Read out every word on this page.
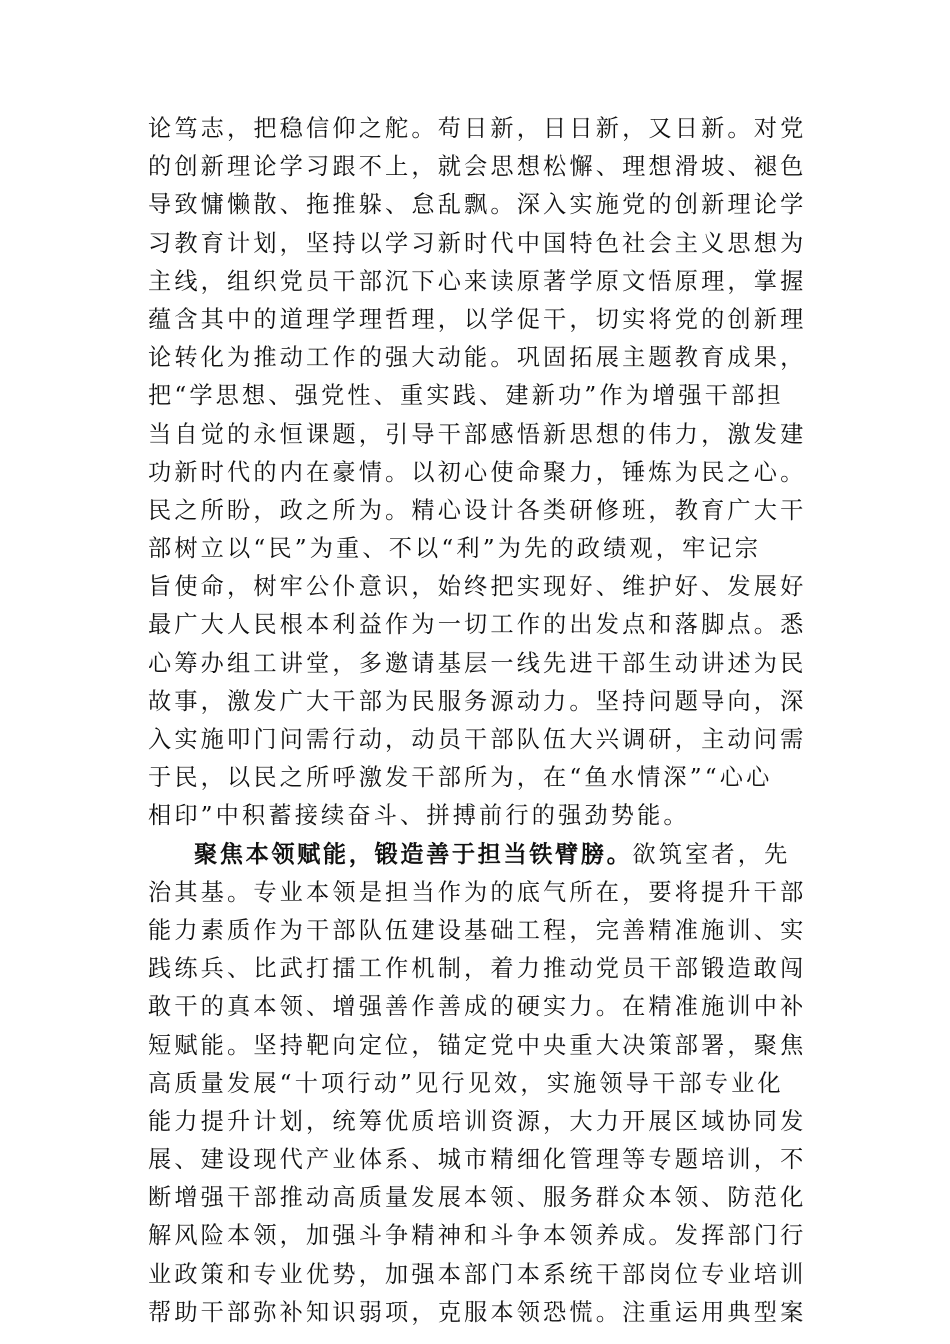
论笃志，把稳信仰之舵。苟日新，日日新，又日新。对党
的创新理论学习跟不上，就会思想松懈、理想滑坡、褪色
导致慵懒散、拖推躲、怠乱飘。深入实施党的创新理论学
习教育计划，坚持以学习新时代中国特色社会主义思想为
主线，组织党员干部沉下心来读原著学原文悟原理，掌握
蕴含其中的道理学理哲理，以学促干，切实将党的创新理
论转化为推动工作的强大动能。巩固拓展主题教育成果，
把“学思想、强党性、重实践、建新功”作为增强干部担
当自觉的永恒课题，引导干部感悟新思想的伟力，激发建
功新时代的内在豪情。以初心使命聚力，锤炼为民之心。
民之所盼，政之所为。精心设计各类研修班，教育广大干
部树立以“民”为重、不以“利”为先的政绩观，牢记宗
旨使命，树牢公仆意识，始终把实现好、维护好、发展好
最广大人民根本利益作为一切工作的出发点和落脚点。悉
心筹办组工讲堂，多邀请基层一线先进干部生动讲述为民
故事，激发广大干部为民服务源动力。坚持问题导向，深
入实施叩门问需行动，动员干部队伍大兴调研，主动问需
于民，以民之所呼激发干部所为，在“鱼水情深”“心心
相印”中积蓄接续奋斗、拼搏前行的强劲势能。
聚焦本领赋能，锻造善于担当铁臂膀。欲筑室者，先
治其基。专业本领是担当作为的底气所在，要将提升干部
能力素质作为干部队伍建设基础工程，完善精准施训、实
践练兵、比武打擂工作机制，着力推动党员干部锻造敢闯
敢干的真本领、增强善作善成的硬实力。在精准施训中补
短赋能。坚持靶向定位，锚定党中央重大决策部署，聚焦
高质量发展“十项行动”见行见效，实施领导干部专业化
能力提升计划，统筹优质培训资源，大力开展区域协同发
展、建设现代产业体系、城市精细化管理等专题培训，不
断增强干部推动高质量发展本领、服务群众本领、防范化
解风险本领，加强斗争精神和斗争本领养成。发挥部门行
业政策和专业优势，加强本部门本系统干部岗位专业培训
帮助干部弥补知识弱项，克服本领恐慌。注重运用典型案
